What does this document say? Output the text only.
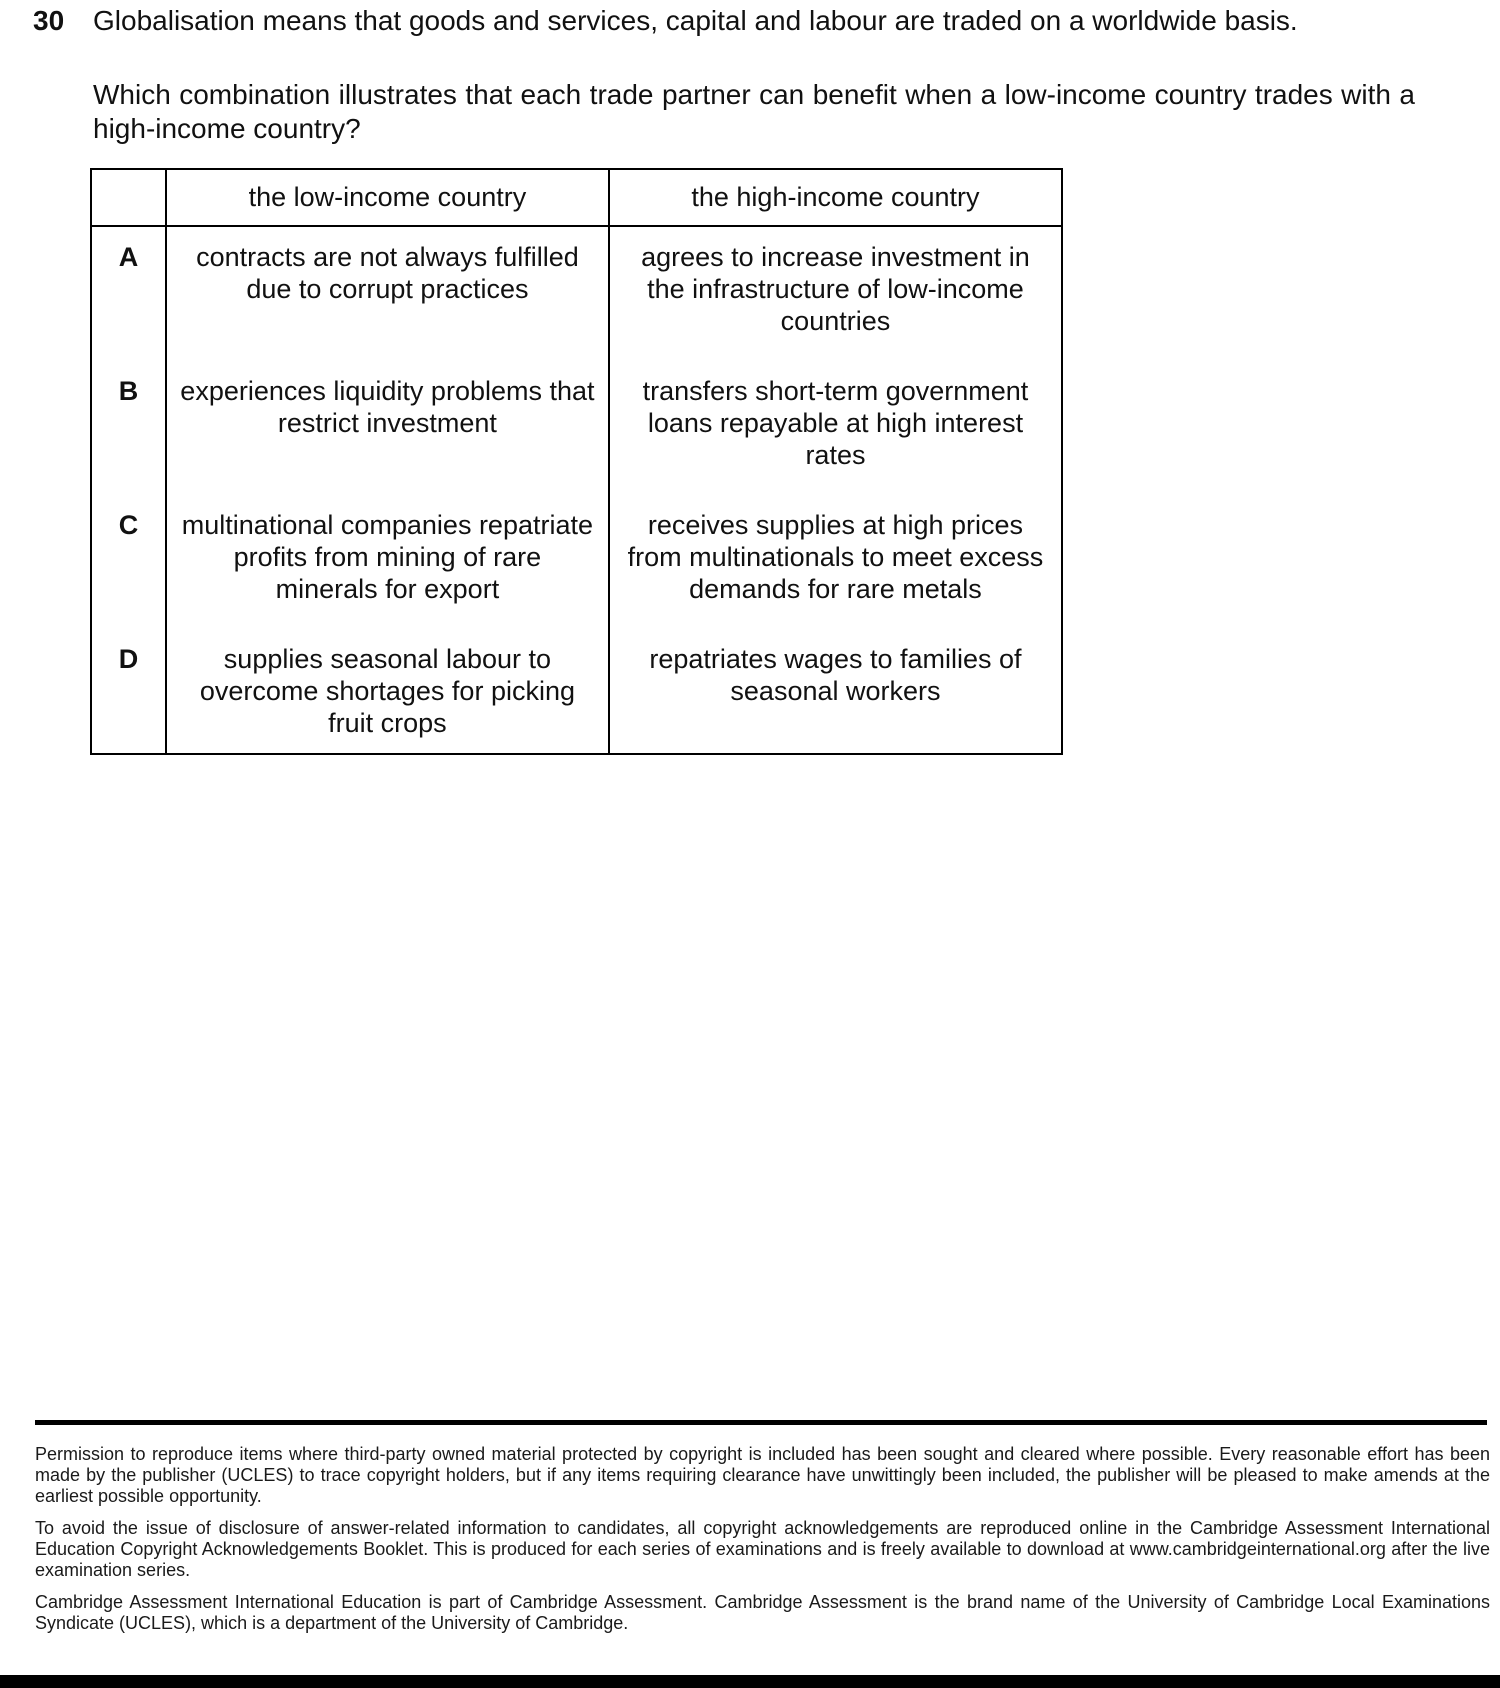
30	Globalisation means that goods and services, capital and labour are traded on a worldwide basis.
Which combination illustrates that each trade partner can benefit when a low-income country trades with a high-income country?
	the low-income country	the high-income country
A	contracts are not always fulfilled due to corrupt practices	agrees to increase investment in the infrastructure of low-income countries
B	experiences liquidity problems that restrict investment	transfers short-term government loans repayable at high interest rates
C	multinational companies repatriate profits from mining of rare minerals for export	receives supplies at high prices from multinationals to meet excess demands for rare metals
D	supplies seasonal labour to overcome shortages for picking fruit crops	repatriates wages to families of seasonal workers

Permission to reproduce items where third-party owned material protected by copyright is included has been sought and cleared where possible. Every reasonable effort has been made by the publisher (UCLES) to trace copyright holders, but if any items requiring clearance have unwittingly been included, the publisher will be pleased to make amends at the earliest possible opportunity.

To avoid the issue of disclosure of answer-related information to candidates, all copyright acknowledgements are reproduced online in the Cambridge Assessment International Education Copyright Acknowledgements Booklet. This is produced for each series of examinations and is freely available to download at www.cambridgeinternational.org after the live examination series.

Cambridge Assessment International Education is part of Cambridge Assessment. Cambridge Assessment is the brand name of the University of Cambridge Local Examinations Syndicate (UCLES), which is a department of the University of Cambridge.
